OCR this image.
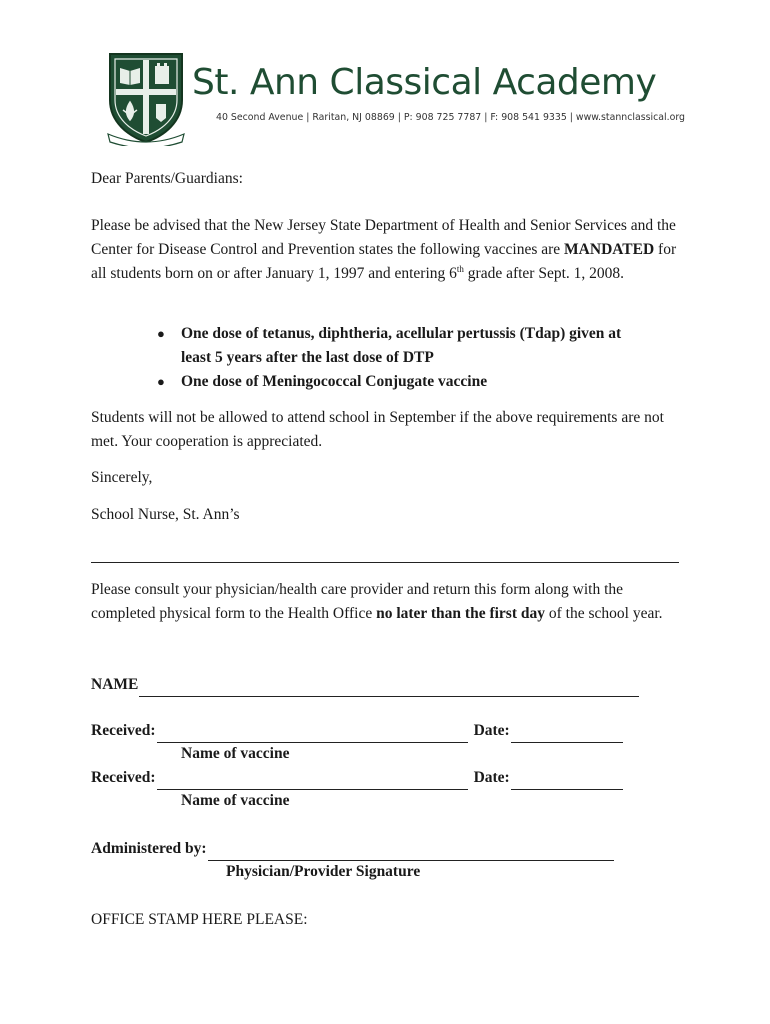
St. Ann Classical Academy
40 Second Avenue | Raritan, NJ 08869 | P: 908 725 7787 | F: 908 541 9335 | www.stannclassical.org

Dear Parents/Guardians:

Please be advised that the New Jersey State Department of Health and Senior Services and the Center for Disease Control and Prevention states the following vaccines are MANDATED for all students born on or after January 1, 1997 and entering 6th grade after Sept. 1, 2008.

● One dose of tetanus, diphtheria, acellular pertussis (Tdap) given at least 5 years after the last dose of DTP
● One dose of Meningococcal Conjugate vaccine

Students will not be allowed to attend school in September if the above requirements are not met. Your cooperation is appreciated.

Sincerely,

School Nurse, St. Ann’s

Please consult your physician/health care provider and return this form along with the completed physical form to the Health Office no later than the first day of the school year.

NAME
Received:	Date:
Name of vaccine
Received:	Date:
Name of vaccine
Administered by:
Physician/Provider Signature

OFFICE STAMP HERE PLEASE:
